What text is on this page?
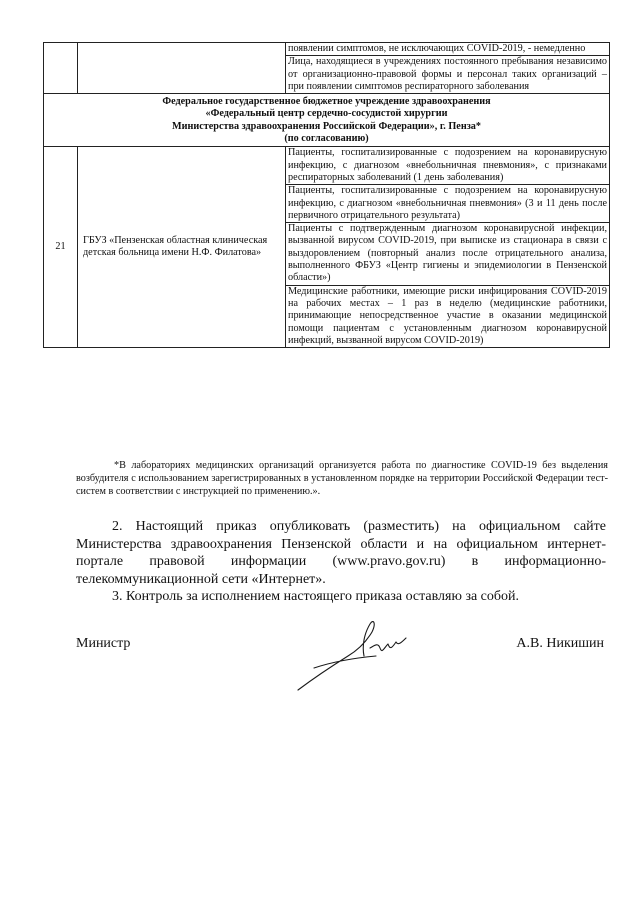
		появлении симптомов, не исключающих COVID-2019, - немедленно
		Лица, находящиеся в учреждениях постоянного пребывания независимо от организационно-правовой формы и персонал таких организаций – при появлении симптомов респираторного заболевания

Федеральное государственное бюджетное учреждение здравоохранения
«Федеральный центр сердечно-сосудистой хирургии
Министерства здравоохранения Российской Федерации», г. Пенза*
(по согласованию)		

21	ГБУЗ «Пензенская областная клиническая детская больница имени Н.Ф. Филатова»	Пациенты, госпитализированные с подозрением на коронавирусную инфекцию, с диагнозом «внебольничная пневмония», с признаками респираторных заболеваний (1 день заболевания)
		Пациенты, госпитализированные с подозрением на коронавирусную инфекцию, с диагнозом «внебольничная пневмония» (3 и 11 день после первичного отрицательного результата)
		Пациенты с подтвержденным диагнозом коронавирусной инфекции, вызванной вирусом COVID-2019, при выписке из стационара в связи с выздоровлением (повторный анализ после отрицательного анализа, выполненного ФБУЗ «Центр гигиены и эпидемиологии в Пензенской области»)
		Медицинские работники, имеющие риски инфицирования COVID-2019 на рабочих местах – 1 раз в неделю (медицинские работники, принимающие непосредственное участие в оказании медицинской помощи пациентам с установленным диагнозом коронавирусной инфекций, вызванной вирусом COVID-2019)

*В лабораториях медицинских организаций организуется работа по диагностике COVID-19 без выделения возбудителя с использованием зарегистрированных в установленном порядке на территории Российской Федерации тест-систем в соответствии с инструкцией по применению.».

2. Настоящий приказ опубликовать (разместить) на официальном сайте Министерства здравоохранения Пензенской области и на официальном интернет-портале правовой информации (www.pravo.gov.ru) в информационно-телекоммуникационной сети «Интернет».

3. Контроль за исполнением настоящего приказа оставляю за собой.

Министр	А.В. Никишин
